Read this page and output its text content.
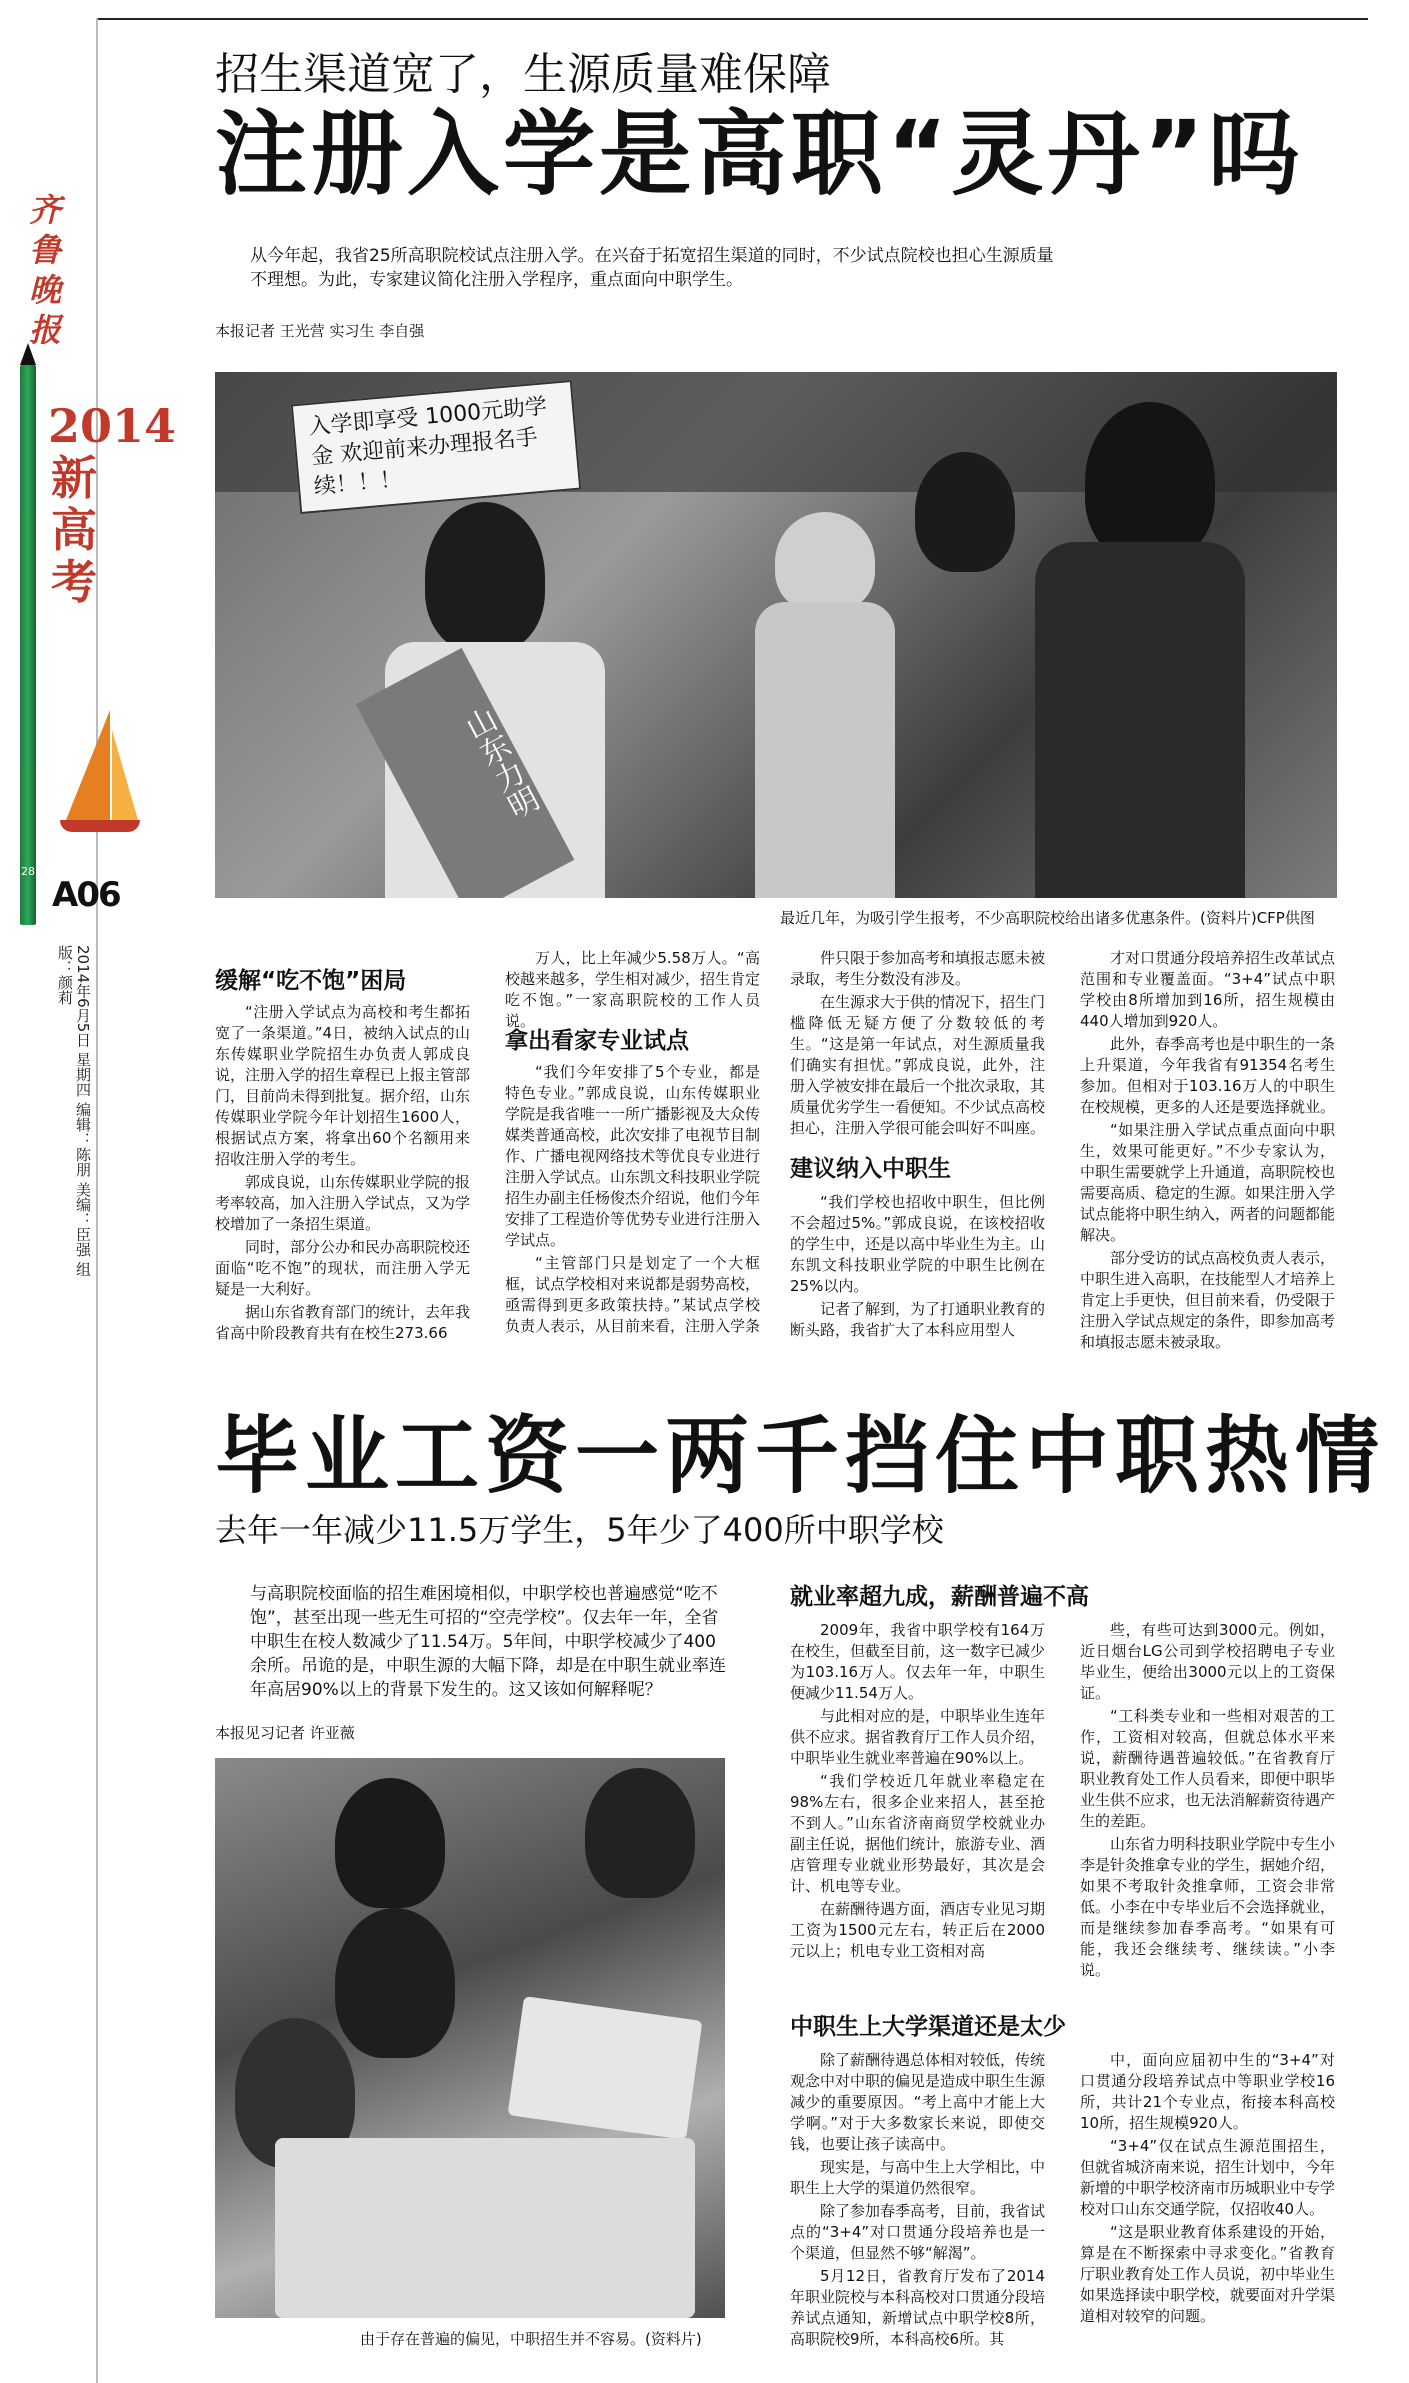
齐鲁晚报
28
2014新高考
A06
2014年6月5日 星期四 编辑：陈朋 美编：臣强 组版：颜莉
招生渠道宽了，生源质量难保障
注册入学是高职“灵丹”吗
从今年起，我省25所高职院校试点注册入学。在兴奋于拓宽招生渠道的同时，不少试点院校也担心生源质量不理想。为此，专家建议简化注册入学程序，重点面向中职学生。
本报记者 王光营 实习生 李自强
入学即享受 1000元助学金 欢迎前来办理报名手续！！！
山东力明
最近几年，为吸引学生报考，不少高职院校给出诸多优惠条件。(资料片)CFP供图
缓解“吃不饱”困局

“注册入学试点为高校和考生都拓宽了一条渠道。”4日，被纳入试点的山东传媒职业学院招生办负责人郭成良说，注册入学的招生章程已上报主管部门，目前尚未得到批复。据介绍，山东传媒职业学院今年计划招生1600人，根据试点方案，将拿出60个名额用来招收注册入学的考生。

郭成良说，山东传媒职业学院的报考率较高，加入注册入学试点，又为学校增加了一条招生渠道。

同时，部分公办和民办高职院校还面临“吃不饱”的现状，而注册入学无疑是一大利好。

据山东省教育部门的统计，去年我省高中阶段教育共有在校生273.66

万人，比上年减少5.58万人。“高校越来越多，学生相对减少，招生肯定吃不饱。”一家高职院校的工作人员说。

拿出看家专业试点

“我们今年安排了5个专业，都是特色专业。”郭成良说，山东传媒职业学院是我省唯一一所广播影视及大众传媒类普通高校，此次安排了电视节目制作、广播电视网络技术等优良专业进行注册入学试点。山东凯文科技职业学院招生办副主任杨俊杰介绍说，他们今年安排了工程造价等优势专业进行注册入学试点。

“主管部门只是划定了一个大框框，试点学校相对来说都是弱势高校，亟需得到更多政策扶持。”某试点学校负责人表示，从目前来看，注册入学条

件只限于参加高考和填报志愿未被录取，考生分数没有涉及。

在生源求大于供的情况下，招生门槛降低无疑方便了分数较低的考生。“这是第一年试点，对生源质量我们确实有担忧。”郭成良说，此外，注册入学被安排在最后一个批次录取，其质量优劣学生一看便知。不少试点高校担心，注册入学很可能会叫好不叫座。

建议纳入中职生

“我们学校也招收中职生，但比例不会超过5%。”郭成良说，在该校招收的学生中，还是以高中毕业生为主。山东凯文科技职业学院的中职生比例在25%以内。

记者了解到，为了打通职业教育的断头路，我省扩大了本科应用型人

才对口贯通分段培养招生改革试点范围和专业覆盖面。“3+4”试点中职学校由8所增加到16所，招生规模由440人增加到920人。

此外，春季高考也是中职生的一条上升渠道，今年我省有91354名考生参加。但相对于103.16万人的中职生在校规模，更多的人还是要选择就业。

“如果注册入学试点重点面向中职生，效果可能更好。”不少专家认为，中职生需要就学上升通道，高职院校也需要高质、稳定的生源。如果注册入学试点能将中职生纳入，两者的问题都能解决。

部分受访的试点高校负责人表示，中职生进入高职，在技能型人才培养上肯定上手更快，但目前来看，仍受限于注册入学试点规定的条件，即参加高考和填报志愿未被录取。

毕业工资一两千挡住中职热情
去年一年减少11.5万学生，5年少了400所中职学校
与高职院校面临的招生难困境相似，中职学校也普遍感觉“吃不饱”，甚至出现一些无生可招的“空壳学校”。仅去年一年，全省中职生在校人数减少了11.54万。5年间，中职学校减少了400余所。吊诡的是，中职生源的大幅下降，却是在中职生就业率连年高居90%以上的背景下发生的。这又该如何解释呢？
本报见习记者 许亚薇
由于存在普遍的偏见，中职招生并不容易。(资料片)
就业率超九成，薪酬普遍不高

2009年，我省中职学校有164万在校生，但截至目前，这一数字已减少为103.16万人。仅去年一年，中职生便减少11.54万人。

与此相对应的是，中职毕业生连年供不应求。据省教育厅工作人员介绍，中职毕业生就业率普遍在90%以上。

“我们学校近几年就业率稳定在98%左右，很多企业来招人，甚至抢不到人。”山东省济南商贸学校就业办副主任说，据他们统计，旅游专业、酒店管理专业就业形势最好，其次是会计、机电等专业。

在薪酬待遇方面，酒店专业见习期工资为1500元左右，转正后在2000元以上；机电专业工资相对高

些，有些可达到3000元。例如，近日烟台LG公司到学校招聘电子专业毕业生，便给出3000元以上的工资保证。

“工科类专业和一些相对艰苦的工作，工资相对较高，但就总体水平来说，薪酬待遇普遍较低。”在省教育厅职业教育处工作人员看来，即便中职毕业生供不应求，也无法消解薪资待遇产生的差距。

山东省力明科技职业学院中专生小李是针灸推拿专业的学生，据她介绍，如果不考取针灸推拿师，工资会非常低。小李在中专毕业后不会选择就业，而是继续参加春季高考。“如果有可能，我还会继续考、继续读。”小李说。

中职生上大学渠道还是太少

除了薪酬待遇总体相对较低，传统观念中对中职的偏见是造成中职生生源减少的重要原因。“考上高中才能上大学啊。”对于大多数家长来说，即使交钱，也要让孩子读高中。

现实是，与高中生上大学相比，中职生上大学的渠道仍然很窄。

除了参加春季高考，目前，我省试点的“3+4”对口贯通分段培养也是一个渠道，但显然不够“解渴”。

5月12日，省教育厅发布了2014年职业院校与本科高校对口贯通分段培养试点通知，新增试点中职学校8所，高职院校9所，本科高校6所。其

中，面向应届初中生的“3+4”对口贯通分段培养试点中等职业学校16所，共计21个专业点，衔接本科高校10所，招生规模920人。

“3+4”仅在试点生源范围招生，但就省城济南来说，招生计划中，今年新增的中职学校济南市历城职业中专学校对口山东交通学院，仅招收40人。

“这是职业教育体系建设的开始，算是在不断探索中寻求变化。”省教育厅职业教育处工作人员说，初中毕业生如果选择读中职学校，就要面对升学渠道相对较窄的问题。
